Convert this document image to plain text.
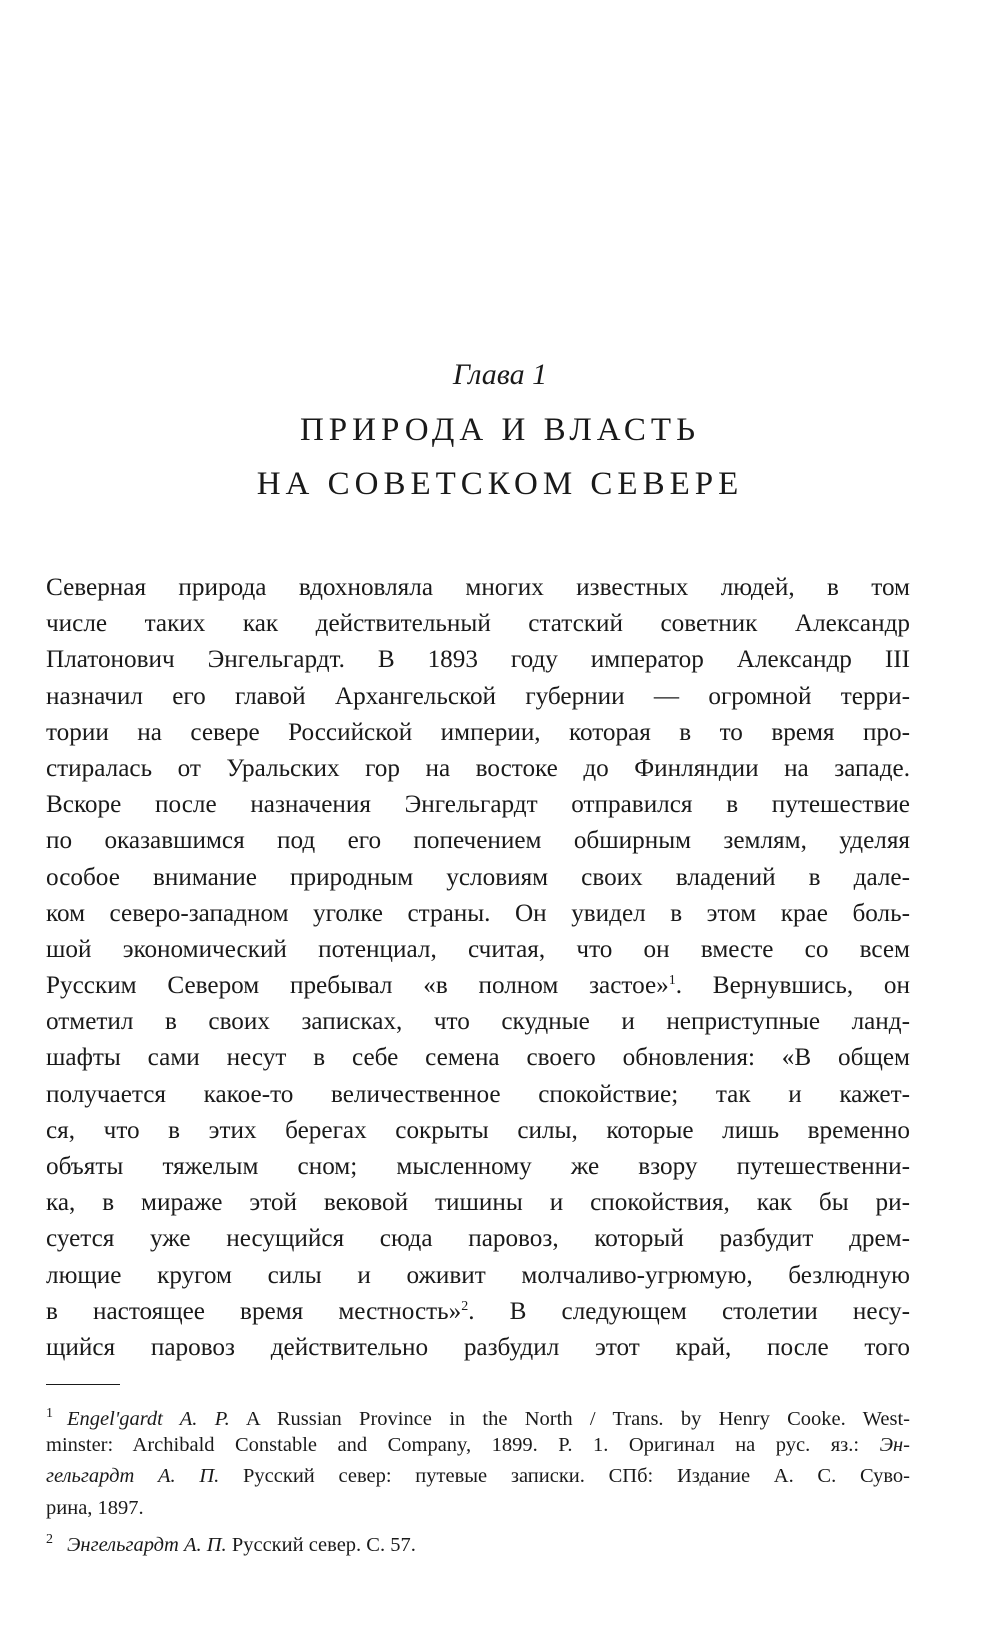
Глава 1
ПРИРОДА И ВЛАСТЬ
НА СОВЕТСКОМ СЕВЕРЕ
Северная природа вдохновляла многих известных людей, в том
числе таких как действительный статский советник Александр
Платонович Энгельгардт. В 1893 году император Александр III
назначил его главой Архангельской губернии — огромной терри-
тории на севере Российской империи, которая в то время про-
стиралась от Уральских гор на востоке до Финляндии на западе.
Вскоре после назначения Энгельгардт отправился в путешествие
по оказавшимся под его попечением обширным землям, уделяя
особое внимание природным условиям своих владений в дале-
ком северо-западном уголке страны. Он увидел в этом крае боль-
шой экономический потенциал, считая, что он вместе со всем
Русским Севером пребывал «в полном застое»$^1$. Вернувшись, он
отметил в своих записках, что скудные и неприступные ланд-
шафты сами несут в себе семена своего обновления: «В общем
получается какое-то величественное спокойствие; так и кажет-
ся, что в этих берегах сокрыты силы, которые лишь временно
объяты тяжелым сном; мысленному же взору путешественни-
ка, в мираже этой вековой тишины и спокойствия, как бы ри-
суется уже несущийся сюда паровоз, который разбудит дрем-
лющие кругом силы и оживит молчаливо-угрюмую, безлюдную
в настоящее время местность»$^2$. В следующем столетии несу-
щийся паровоз действительно разбудил этот край, после того
1 Engel'gardt A. P. A Russian Province in the North / Trans. by Henry Cooke. West-
minster: Archibald Constable and Company, 1899. P. 1. Оригинал на рус. яз.: Эн-
гельгардт А. П. Русский север: путевые записки. СПб: Издание А. С. Суво-
рина, 1897.
2 Энгельгардт А. П. Русский север. С. 57.
